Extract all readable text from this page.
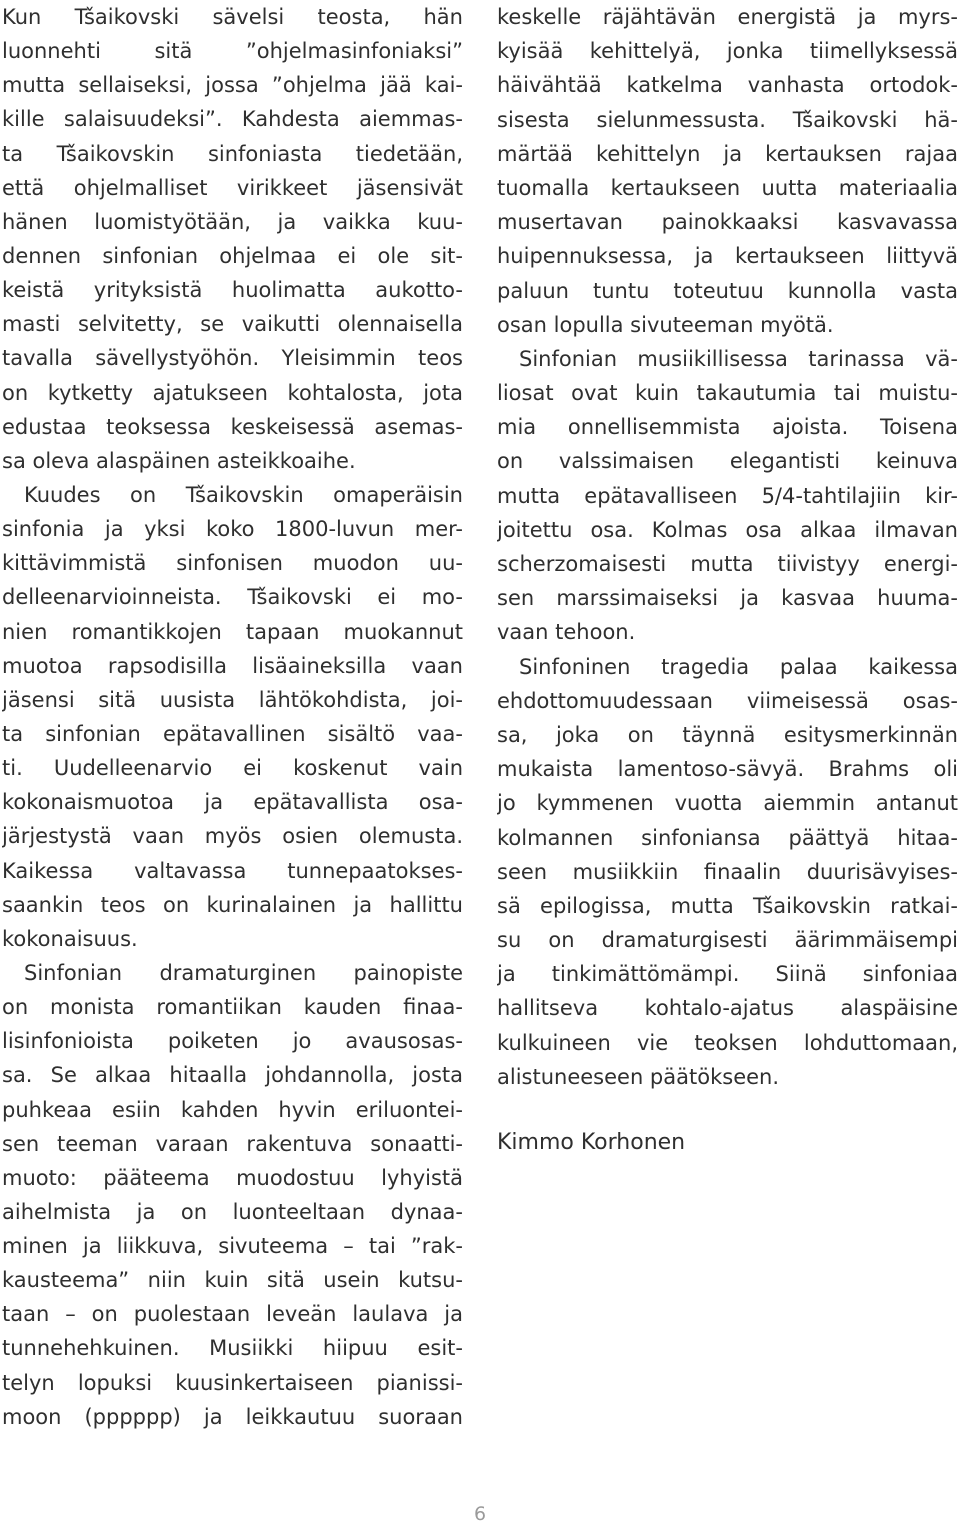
Kun Tšaikovski sävelsi teosta, hän
luonnehti sitä ”ohjelmasinfoniaksi”
mutta sellaiseksi, jossa ”ohjelma jää kai-
kille salaisuudeksi”. Kahdesta aiemmas-
ta Tšaikovskin sinfoniasta tiedetään,
että ohjelmalliset virikkeet jäsensivät
hänen luomistyötään, ja vaikka kuu-
dennen sinfonian ohjelmaa ei ole sit-
keistä yrityksistä huolimatta aukotto-
masti selvitetty, se vaikutti olennaisella
tavalla sävellystyöhön. Yleisimmin teos
on kytketty ajatukseen kohtalosta, jota
edustaa teoksessa keskeisessä asemas-
sa oleva alaspäinen asteikkoaihe.
Kuudes on Tšaikovskin omaperäisin
sinfonia ja yksi koko 1800-luvun mer-
kittävimmistä sinfonisen muodon uu-
delleenarvioinneista. Tšaikovski ei mo-
nien romantikkojen tapaan muokannut
muotoa rapsodisilla lisäaineksilla vaan
jäsensi sitä uusista lähtökohdista, joi-
ta sinfonian epätavallinen sisältö vaa-
ti. Uudelleenarvio ei koskenut vain
kokonaismuotoa ja epätavallista osa-
järjestystä vaan myös osien olemusta.
Kaikessa valtavassa tunnepaatokses-
saankin teos on kurinalainen ja hallittu
kokonaisuus.
Sinfonian dramaturginen painopiste
on monista romantiikan kauden finaa-
lisinfonioista poiketen jo avausosas-
sa. Se alkaa hitaalla johdannolla, josta
puhkeaa esiin kahden hyvin eriluontei-
sen teeman varaan rakentuva sonaatti-
muoto: pääteema muodostuu lyhyistä
aihelmista ja on luonteeltaan dynaa-
minen ja liikkuva, sivuteema – tai ”rak-
kausteema” niin kuin sitä usein kutsu-
taan – on puolestaan leveän laulava ja
tunnehehkuinen. Musiikki hiipuu esit-
telyn lopuksi kuusinkertaiseen pianissi-
moon (pppppp) ja leikkautuu suoraan
keskelle räjähtävän energistä ja myrs-
kyisää kehittelyä, jonka tiimellyksessä
häivähtää katkelma vanhasta ortodok-
sisesta sielunmessusta. Tšaikovski hä-
märtää kehittelyn ja kertauksen rajaa
tuomalla kertaukseen uutta materiaalia
musertavan painokkaaksi kasvavassa
huipennuksessa, ja kertaukseen liittyvä
paluun tuntu toteutuu kunnolla vasta
osan lopulla sivuteeman myötä.
Sinfonian musiikillisessa tarinassa vä-
liosat ovat kuin takautumia tai muistu-
mia onnellisemmista ajoista. Toisena
on valssimaisen elegantisti keinuva
mutta epätavalliseen 5/4-tahtilajiin kir-
joitettu osa. Kolmas osa alkaa ilmavan
scherzomaisesti mutta tiivistyy energi-
sen marssimaiseksi ja kasvaa huuma-
vaan tehoon.
Sinfoninen tragedia palaa kaikessa
ehdottomuudessaan viimeisessä osas-
sa, joka on täynnä esitysmerkinnän
mukaista lamentoso-sävyä. Brahms oli
jo kymmenen vuotta aiemmin antanut
kolmannen sinfoniansa päättyä hitaa-
seen musiikkiin finaalin duurisävyises-
sä epilogissa, mutta Tšaikovskin ratkai-
su on dramaturgisesti äärimmäisempi
ja tinkimättömämpi. Siinä sinfoniaa
hallitseva kohtalo-ajatus alaspäisine
kulkuineen vie teoksen lohduttomaan,
alistuneeseen päätökseen.
Kimmo Korhonen
6
